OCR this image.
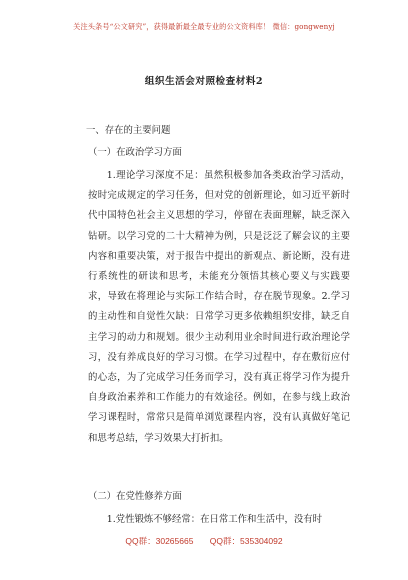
关注头条号“公文研究”，获得最新最全最专业的公文资料库！ 微信：gongwenyj
组织生活会对照检查材料2
一、存在的主要问题
（一）在政治学习方面

1.理论学习深度不足：虽然积极参加各类政治学习活动，按时完成规定的学习任务，但对党的创新理论，如习近平新时代中国特色社会主义思想的学习，停留在表面理解，缺乏深入钻研。以学习党的二十大精神为例，只是泛泛了解会议的主要内容和重要决策，对于报告中提出的新观点、新论断，没有进行系统性的研读和思考，未能充分领悟其核心要义与实践要求，导致在将理论与实际工作结合时，存在脱节现象。2.学习的主动性和自觉性欠缺：日常学习更多依赖组织安排，缺乏自主学习的动力和规划。很少主动利用业余时间进行政治理论学习，没有养成良好的学习习惯。在学习过程中，存在敷衍应付的心态，为了完成学习任务而学习，没有真正将学习作为提升自身政治素养和工作能力的有效途径。例如，在参与线上政治学习课程时，常常只是简单浏览课程内容，没有认真做好笔记和思考总结，学习效果大打折扣。

（二）在党性修养方面

1.党性锻炼不够经常：在日常工作和生活中，没有时

QQ群：30265665 QQ群：535304092
